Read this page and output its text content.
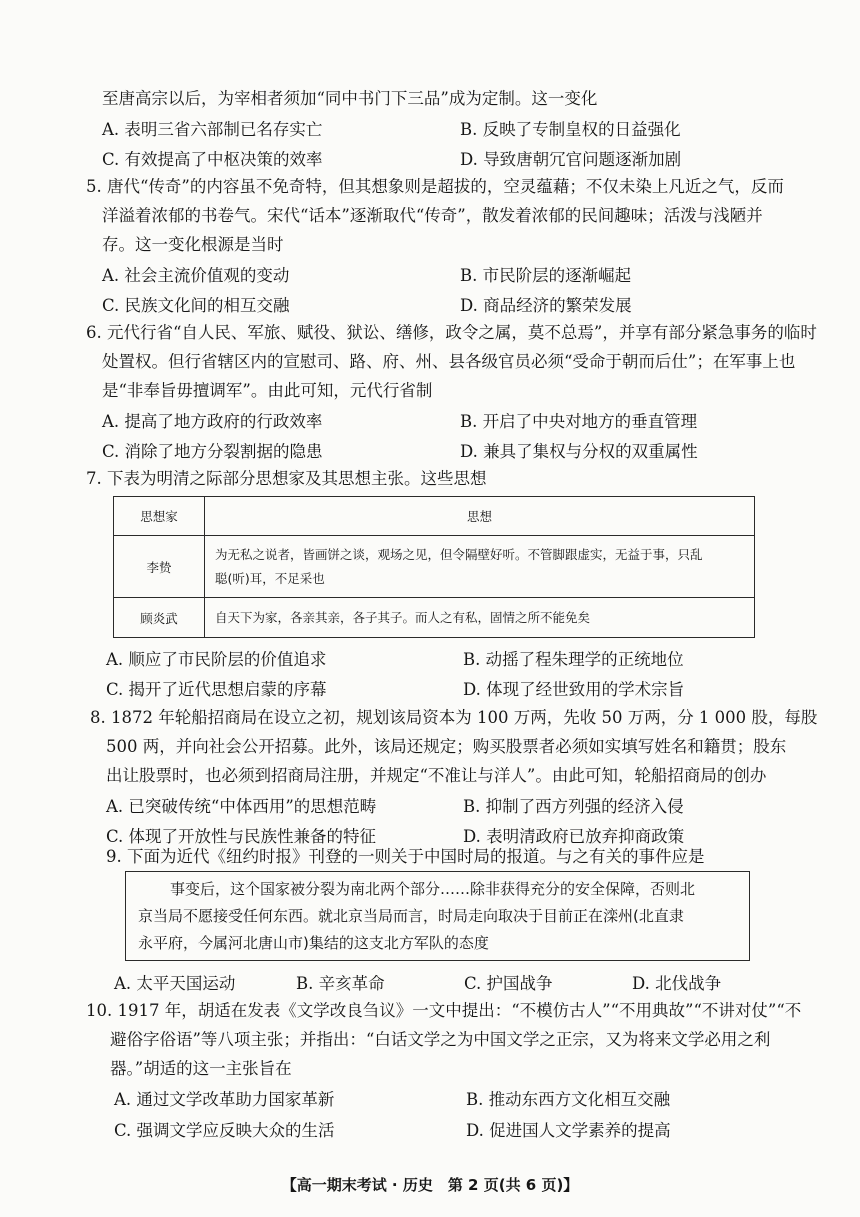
至唐高宗以后，为宰相者须加“同中书门下三品”成为定制。这一变化
A. 表明三省六部制已名存实亡	B. 反映了专制皇权的日益强化
C. 有效提高了中枢决策的效率	D. 导致唐朝冗官问题逐渐加剧
5. 唐代“传奇”的内容虽不免奇特，但其想象则是超拔的，空灵蕴藉；不仅未染上凡近之气，反而
洋溢着浓郁的书卷气。宋代“话本”逐渐取代“传奇”，散发着浓郁的民间趣味；活泼与浅陋并
存。这一变化根源是当时
A. 社会主流价值观的变动	B. 市民阶层的逐渐崛起
C. 民族文化间的相互交融	D. 商品经济的繁荣发展
6. 元代行省“自人民、军旅、赋役、狱讼、缮修，政令之属，莫不总焉”，并享有部分紧急事务的临时
处置权。但行省辖区内的宣慰司、路、府、州、县各级官员必须“受命于朝而后仕”；在军事上也
是“非奉旨毋擅调军”。由此可知，元代行省制
A. 提高了地方政府的行政效率	B. 开启了中央对地方的垂直管理
C. 消除了地方分裂割据的隐患	D. 兼具了集权与分权的双重属性
7. 下表为明清之际部分思想家及其思想主张。这些思想
思想家	思想
李贽	为无私之说者，皆画饼之谈，观场之见，但令隔壁好听。不管脚跟虚实，无益于事，只乱
聪(听)耳，不足采也

顾炎武	自天下为家，各亲其亲，各子其子。而人之有私，固情之所不能免矣
A. 顺应了市民阶层的价值追求	B. 动摇了程朱理学的正统地位
C. 揭开了近代思想启蒙的序幕	D. 体现了经世致用的学术宗旨
8. 1872 年轮船招商局在设立之初，规划该局资本为 100 万两，先收 50 万两，分 1 000 股，每股
500 两，并向社会公开招募。此外，该局还规定；购买股票者必须如实填写姓名和籍贯；股东
出让股票时，也必须到招商局注册，并规定“不准让与洋人”。由此可知，轮船招商局的创办
A. 已突破传统“中体西用”的思想范畴	B. 抑制了西方列强的经济入侵
C. 体现了开放性与民族性兼备的特征	D. 表明清政府已放弃抑商政策
9. 下面为近代《纽约时报》刊登的一则关于中国时局的报道。与之有关的事件应是
事变后，这个国家被分裂为南北两个部分……除非获得充分的安全保障，否则北
京当局不愿接受任何东西。就北京当局而言，时局走向取决于目前正在滦州(北直隶
永平府，今属河北唐山市)集结的这支北方军队的态度
A. 太平天国运动	B. 辛亥革命	C. 护国战争	D. 北伐战争
10. 1917 年，胡适在发表《文学改良刍议》一文中提出：“不模仿古人”“不用典故”“不讲对仗”“不
避俗字俗语”等八项主张；并指出：“白话文学之为中国文学之正宗，又为将来文学必用之利
器。”胡适的这一主张旨在
A. 通过文学改革助力国家革新	B. 推动东西方文化相互交融
C. 强调文学应反映大众的生活	D. 促进国人文学素养的提高
【高一期末考试 · 历史　第 2 页(共 6 页)】
